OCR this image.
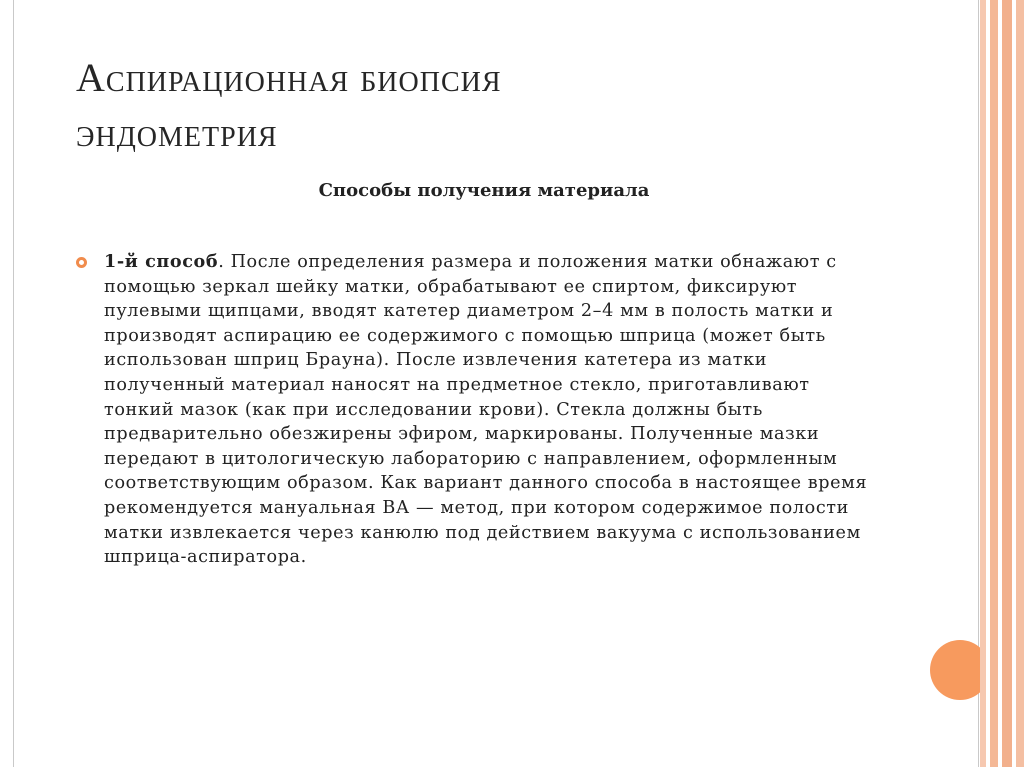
Аспирационная биопсия
эндометрия

Способы получения материала

1-й способ. После определения размера и положения матки обнажают с помощью зеркал шейку матки, обрабатывают ее спиртом, фиксируют пулевыми щипцами, вводят катетер диаметром 2–4 мм в полость матки и производят аспирацию ее содержимого с помощью шприца (может быть использован шприц Брауна). После извлечения катетера из матки полученный материал наносят на предметное стекло, приготавливают тонкий мазок (как при исследовании крови). Стекла должны быть предварительно обезжирены эфиром, маркированы. Полученные мазки передают в цитологическую лабораторию с направлением, оформленным соответствующим образом. Как вариант данного способа в настоящее время рекомендуется мануальная ВА — метод, при котором содержимое полости матки извлекается через канюлю под действием вакуума с использованием шприца-аспиратора.
